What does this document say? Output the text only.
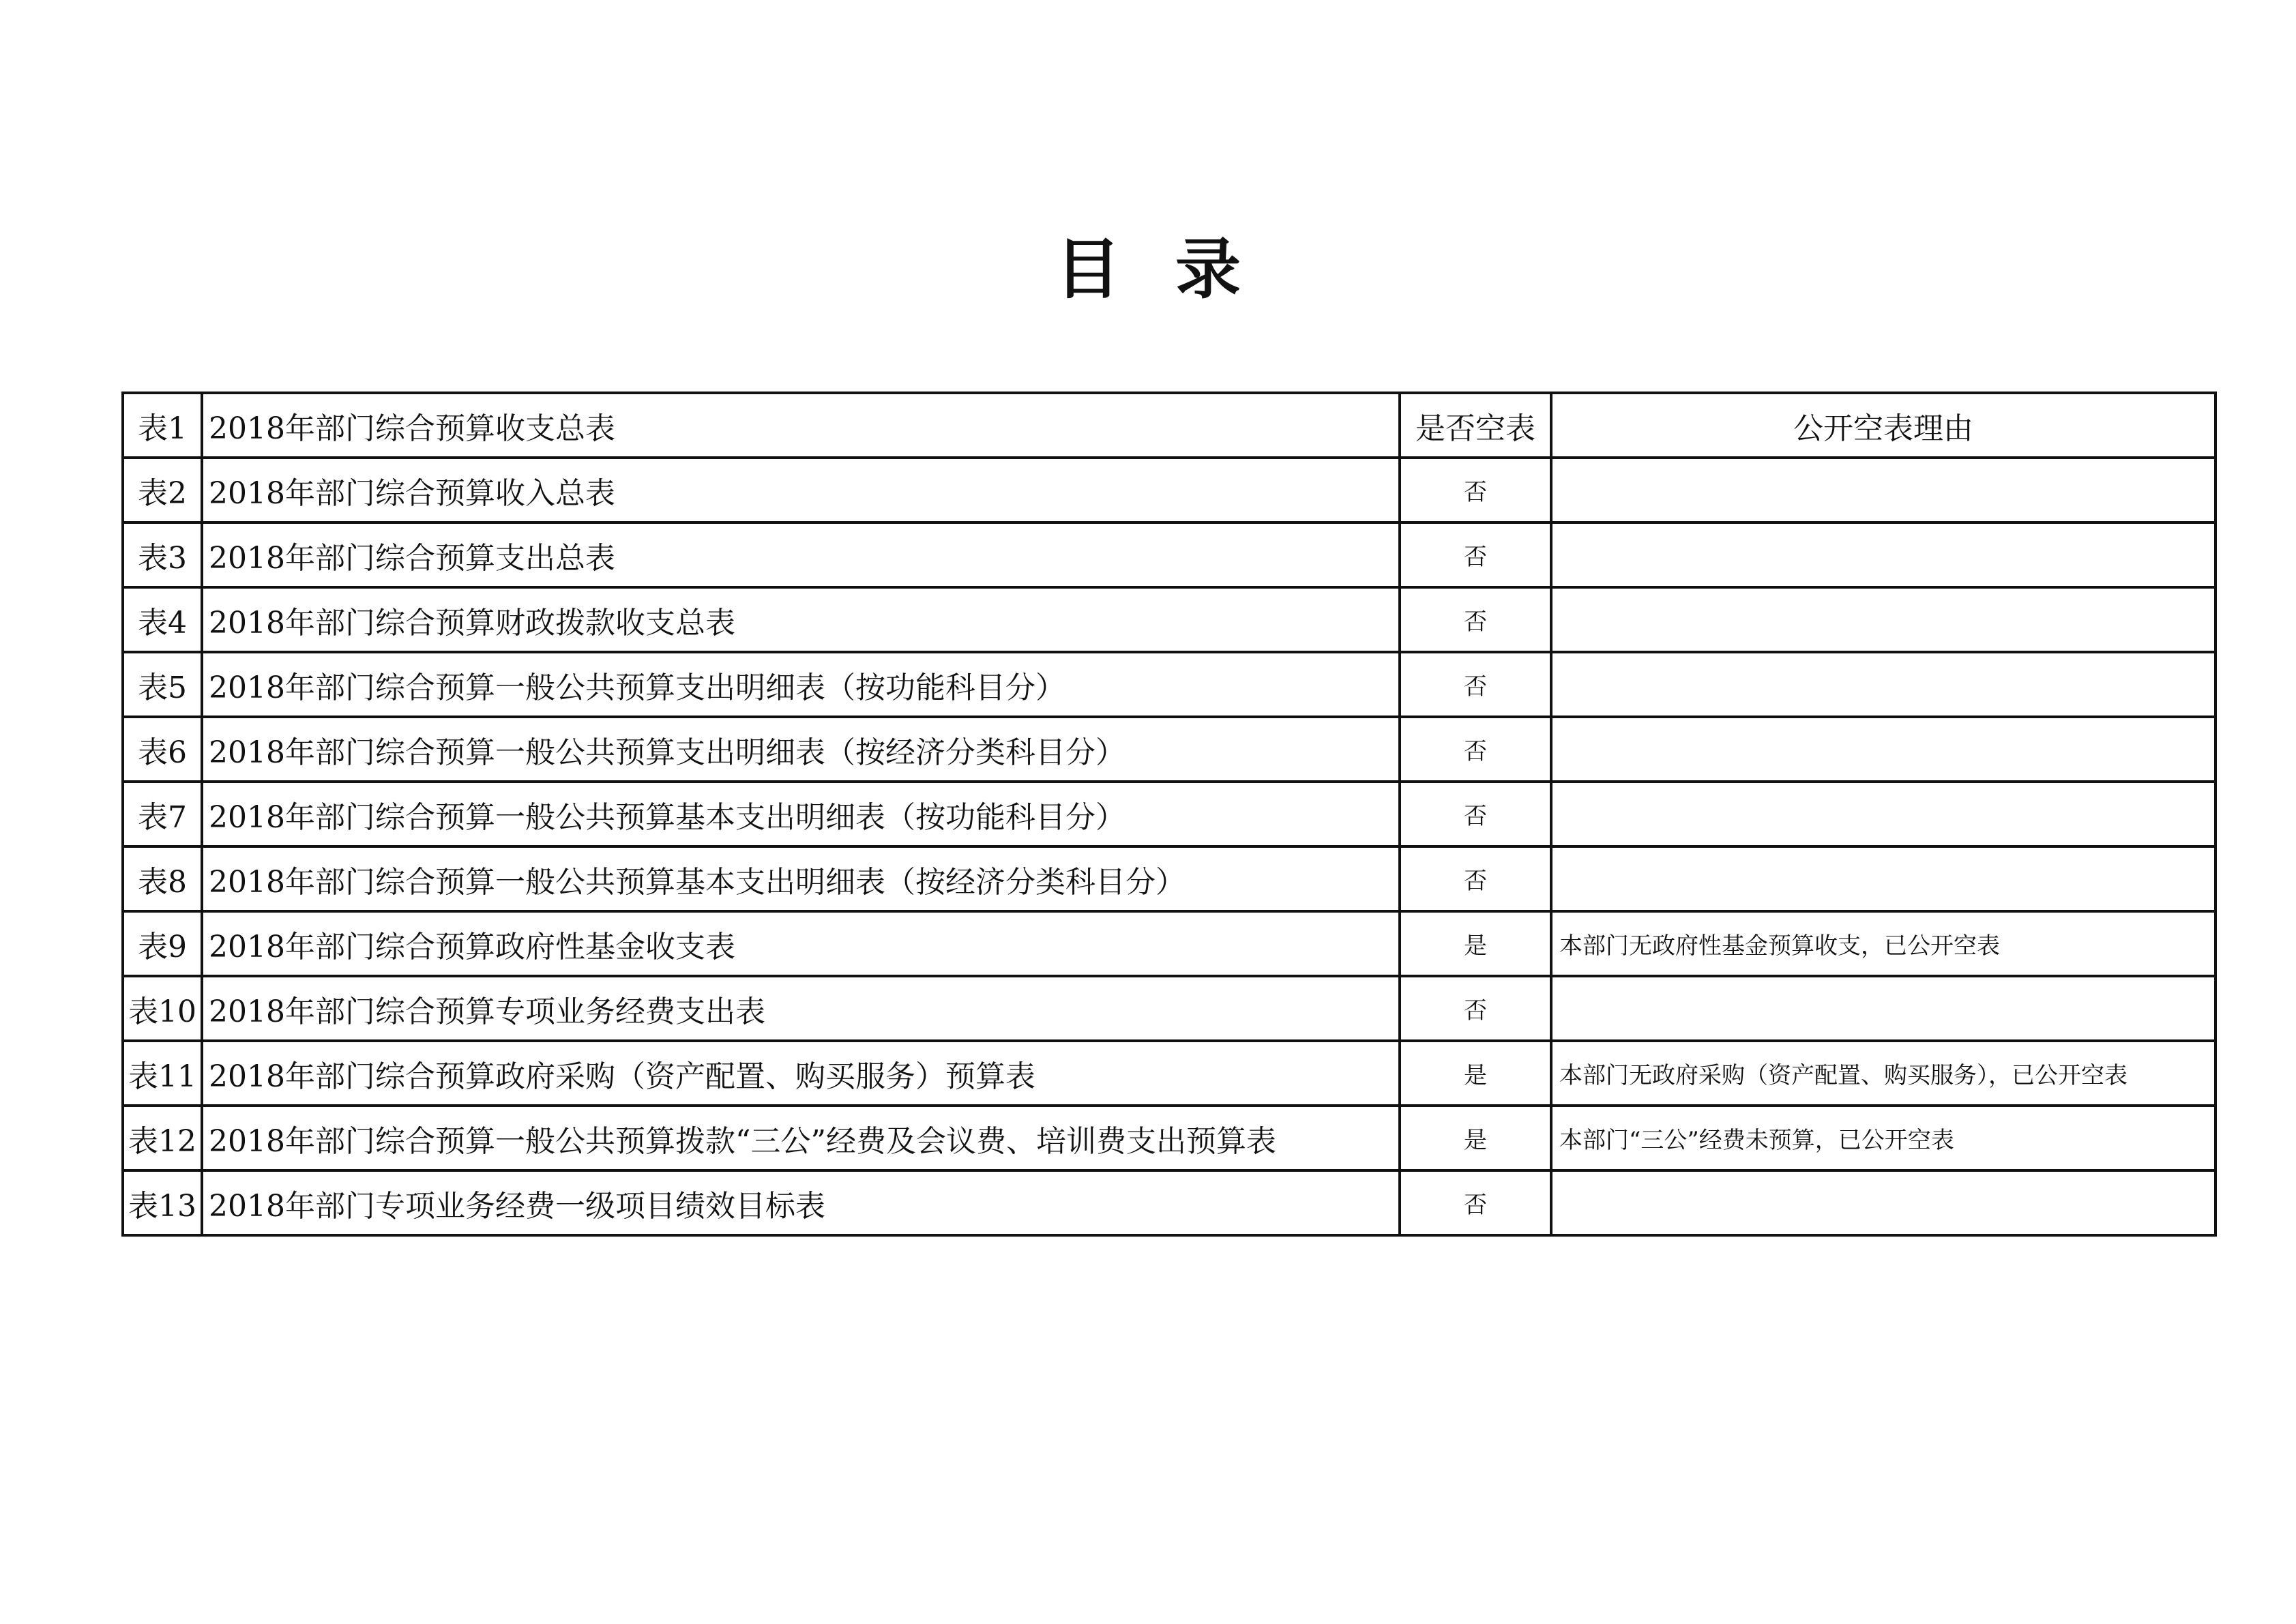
目 录
表1	2018年部门综合预算收支总表	是否空表	公开空表理由
表2	2018年部门综合预算收入总表	否	
表3	2018年部门综合预算支出总表	否	
表4	2018年部门综合预算财政拨款收支总表	否	
表5	2018年部门综合预算一般公共预算支出明细表（按功能科目分）	否	
表6	2018年部门综合预算一般公共预算支出明细表（按经济分类科目分）	否	
表7	2018年部门综合预算一般公共预算基本支出明细表（按功能科目分）	否	
表8	2018年部门综合预算一般公共预算基本支出明细表（按经济分类科目分）	否	
表9	2018年部门综合预算政府性基金收支表	是	本部门无政府性基金预算收支，已公开空表
表10	2018年部门综合预算专项业务经费支出表	否	
表11	2018年部门综合预算政府采购（资产配置、购买服务）预算表	是	本部门无政府采购（资产配置、购买服务），已公开空表
表12	2018年部门综合预算一般公共预算拨款“三公”经费及会议费、培训费支出预算表	是	本部门“三公”经费未预算，已公开空表
表13	2018年部门专项业务经费一级项目绩效目标表	否	
